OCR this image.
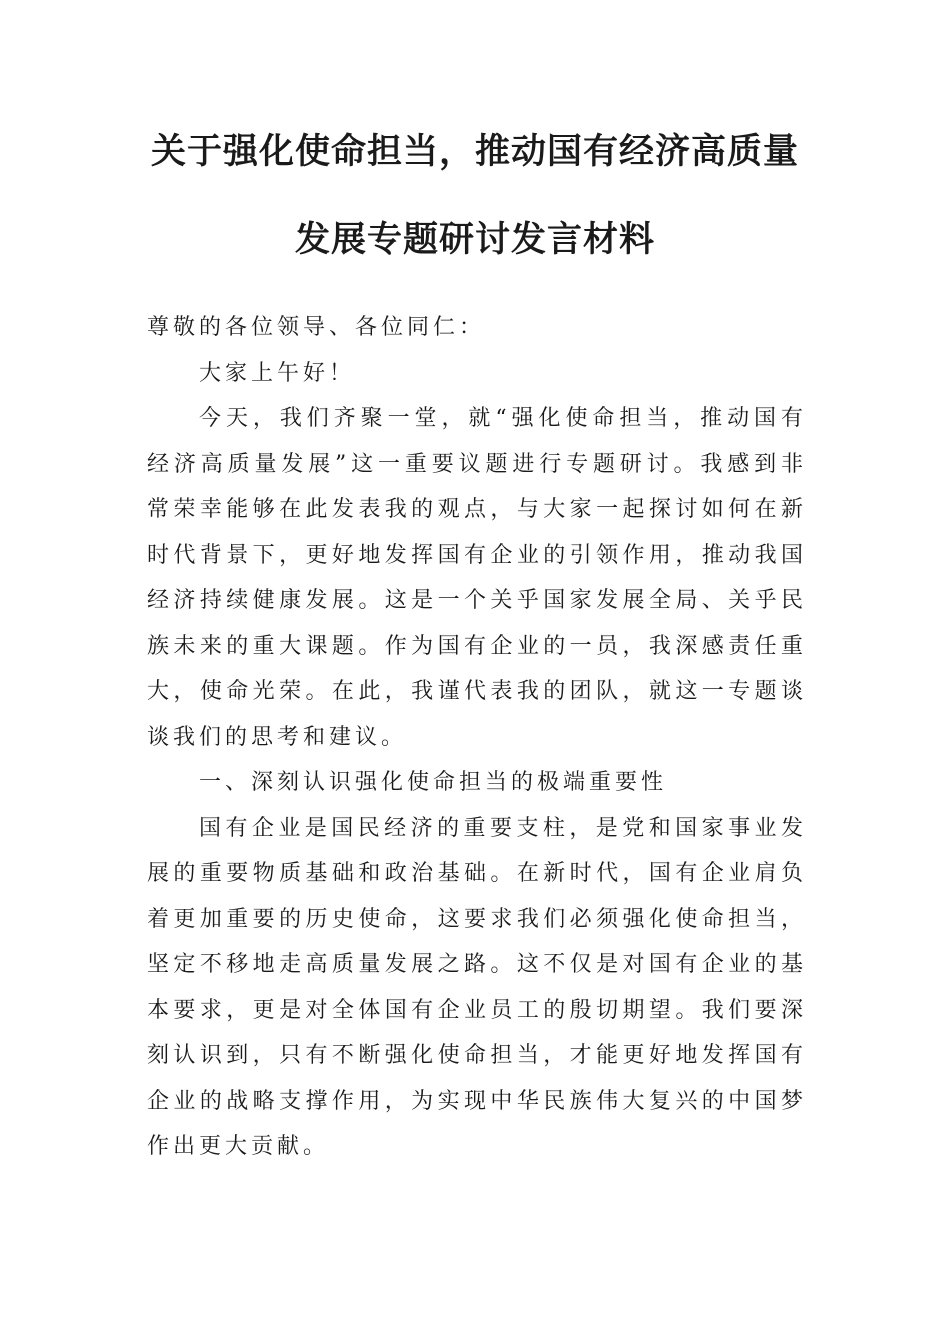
关于强化使命担当，推动国有经济高质量
发展专题研讨发言材料

尊敬的各位领导、各位同仁：

大家上午好！

今天，我们齐聚一堂，就“强化使命担当，推动国有经济高质量发展”这一重要议题进行专题研讨。我感到非常荣幸能够在此发表我的观点，与大家一起探讨如何在新时代背景下，更好地发挥国有企业的引领作用，推动我国经济持续健康发展。这是一个关乎国家发展全局、关乎民族未来的重大课题。作为国有企业的一员，我深感责任重大，使命光荣。在此，我谨代表我的团队，就这一专题谈谈我们的思考和建议。

一、深刻认识强化使命担当的极端重要性

国有企业是国民经济的重要支柱，是党和国家事业发展的重要物质基础和政治基础。在新时代，国有企业肩负着更加重要的历史使命，这要求我们必须强化使命担当，坚定不移地走高质量发展之路。这不仅是对国有企业的基本要求，更是对全体国有企业员工的殷切期望。我们要深刻认识到，只有不断强化使命担当，才能更好地发挥国有企业的战略支撑作用，为实现中华民族伟大复兴的中国梦作出更大贡献。
